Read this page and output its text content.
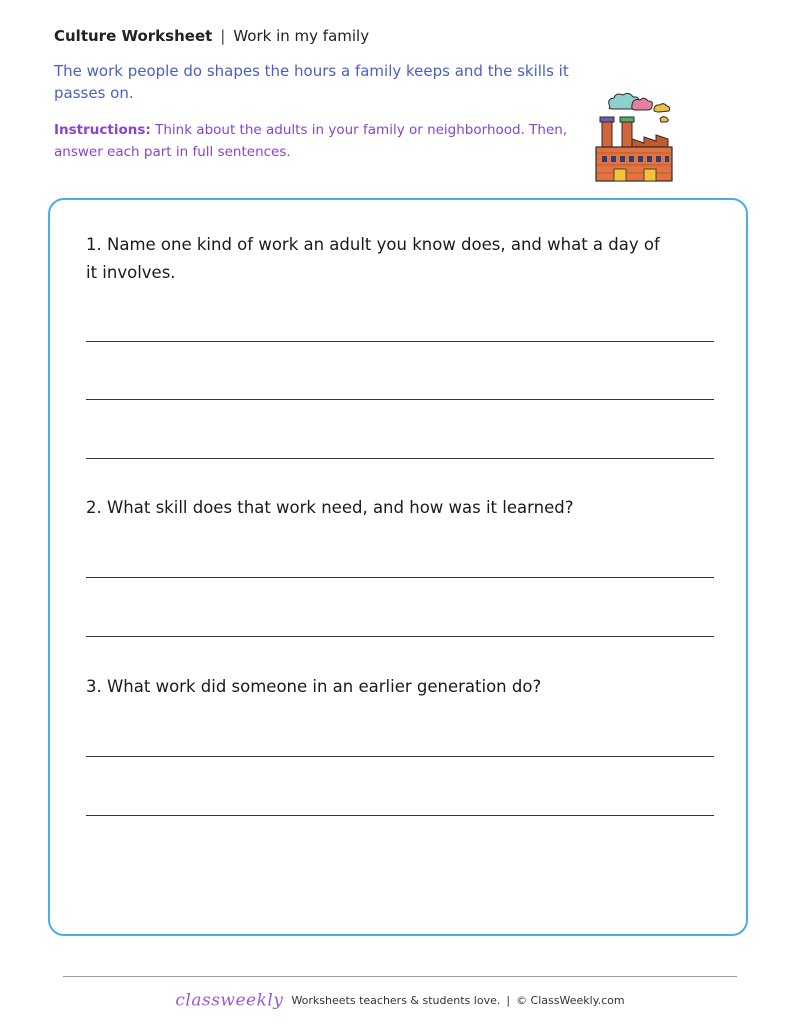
Culture Worksheet | Work in my family
The work people do shapes the hours a family keeps and the skills it passes on.
Instructions: Think about the adults in your family or neighborhood. Then, answer each part in full sentences.
1. Name one kind of work an adult you know does, and what a day of it involves.
2. What skill does that work need, and how was it learned?
3. What work did someone in an earlier generation do?
classweekly Worksheets teachers & students love. | © ClassWeekly.com
